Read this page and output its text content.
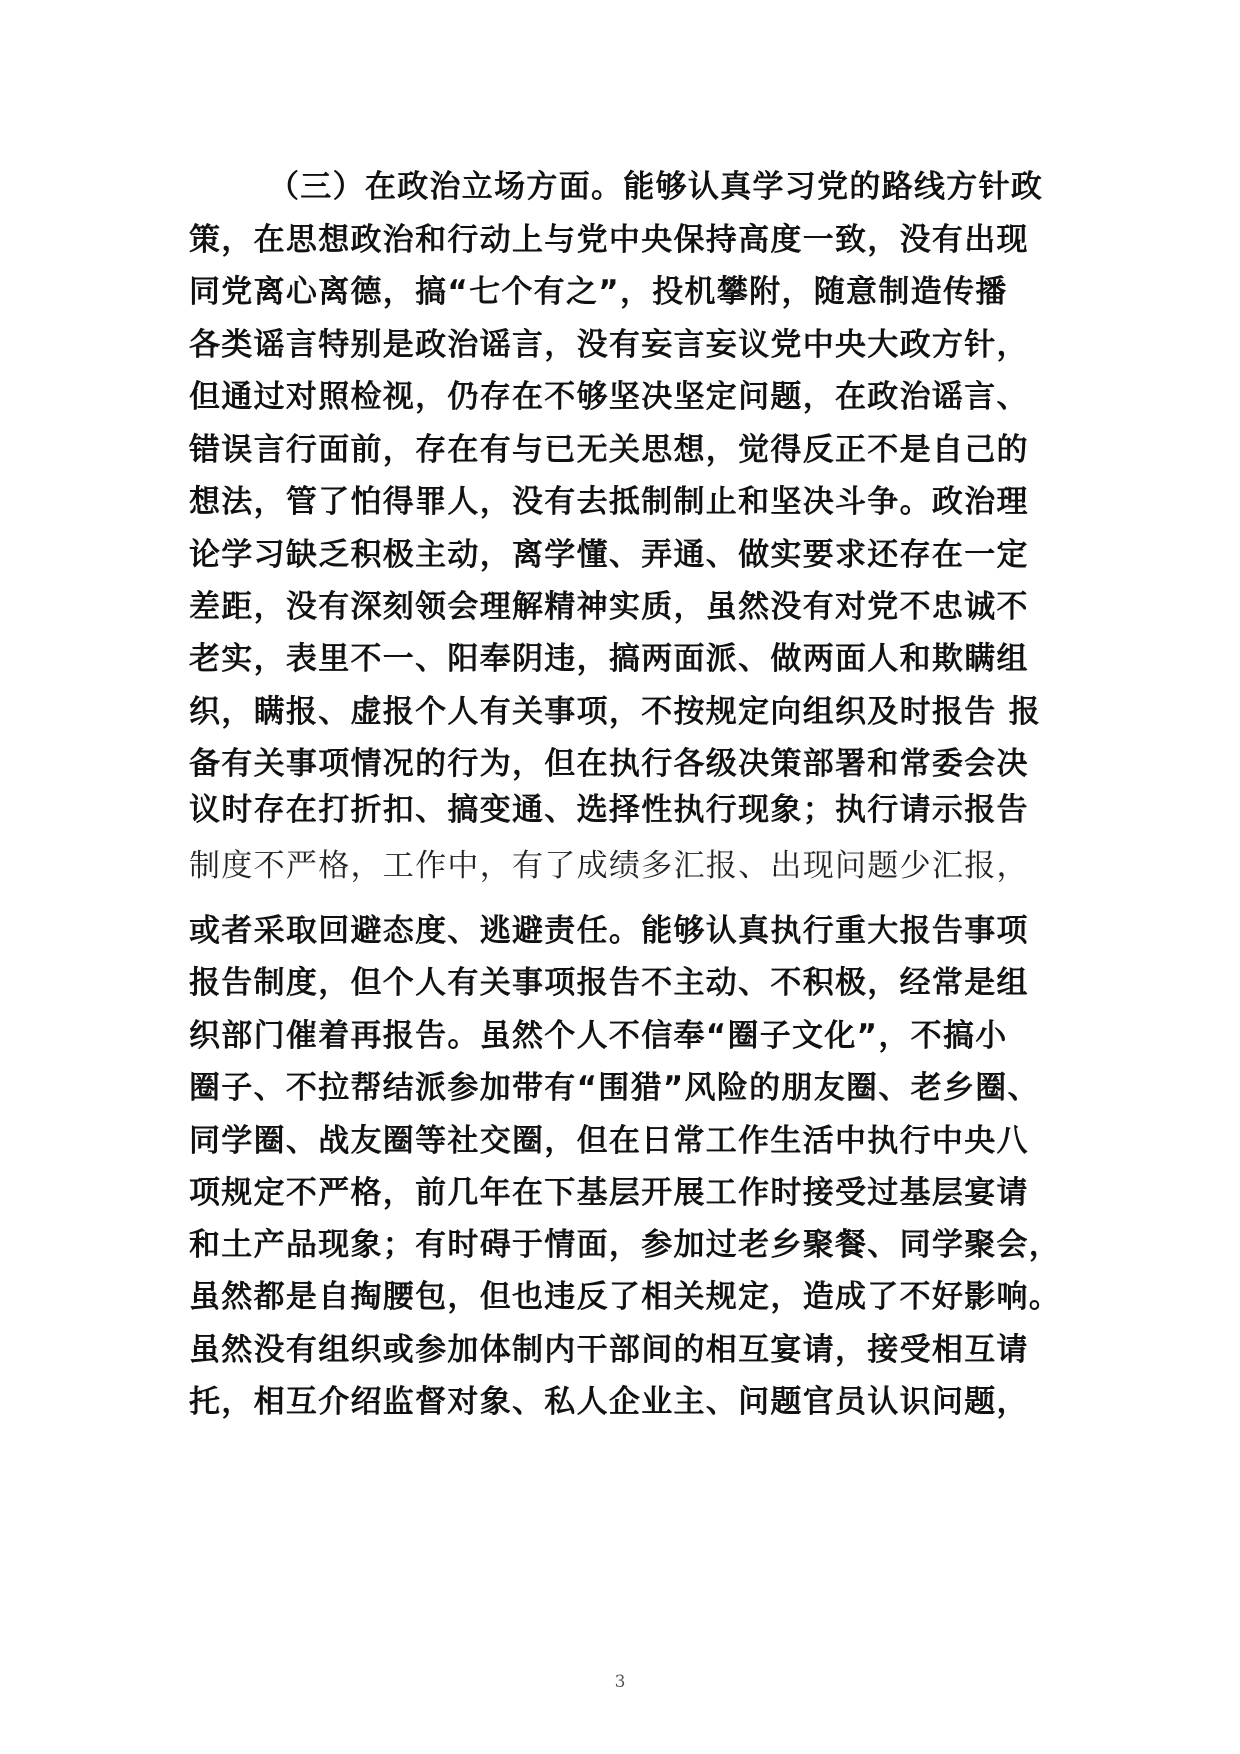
（三）在政治立场方面。能够认真学习党的路线方针政
策，在思想政治和行动上与党中央保持高度一致，没有出现
同党离心离德，搞“七个有之”，投机攀附，随意制造传播
各类谣言特别是政治谣言，没有妄言妄议党中央大政方针，
但通过对照检视，仍存在不够坚决坚定问题，在政治谣言、
错误言行面前，存在有与已无关思想，觉得反正不是自己的
想法，管了怕得罪人，没有去抵制制止和坚决斗争。政治理
论学习缺乏积极主动，离学懂、弄通、做实要求还存在一定
差距，没有深刻领会理解精神实质，虽然没有对党不忠诚不
老实，表里不一、阳奉阴违，搞两面派、做两面人和欺瞒组
织，瞒报、虚报个人有关事项，不按规定向组织及时报告 报
备有关事项情况的行为，但在执行各级决策部署和常委会决
议时存在打折扣、搞变通、选择性执行现象；执行请示报告
制度不严格，工作中，有了成绩多汇报、出现问题少汇报，
或者采取回避态度、逃避责任。能够认真执行重大报告事项
报告制度，但个人有关事项报告不主动、不积极，经常是组
织部门催着再报告。虽然个人不信奉“圈子文化”，不搞小
圈子、不拉帮结派参加带有“围猎”风险的朋友圈、老乡圈、
同学圈、战友圈等社交圈，但在日常工作生活中执行中央八
项规定不严格，前几年在下基层开展工作时接受过基层宴请
和土产品现象；有时碍于情面，参加过老乡聚餐、同学聚会，
虽然都是自掏腰包，但也违反了相关规定，造成了不好影响。
虽然没有组织或参加体制内干部间的相互宴请，接受相互请
托，相互介绍监督对象、私人企业主、问题官员认识问题，
3
